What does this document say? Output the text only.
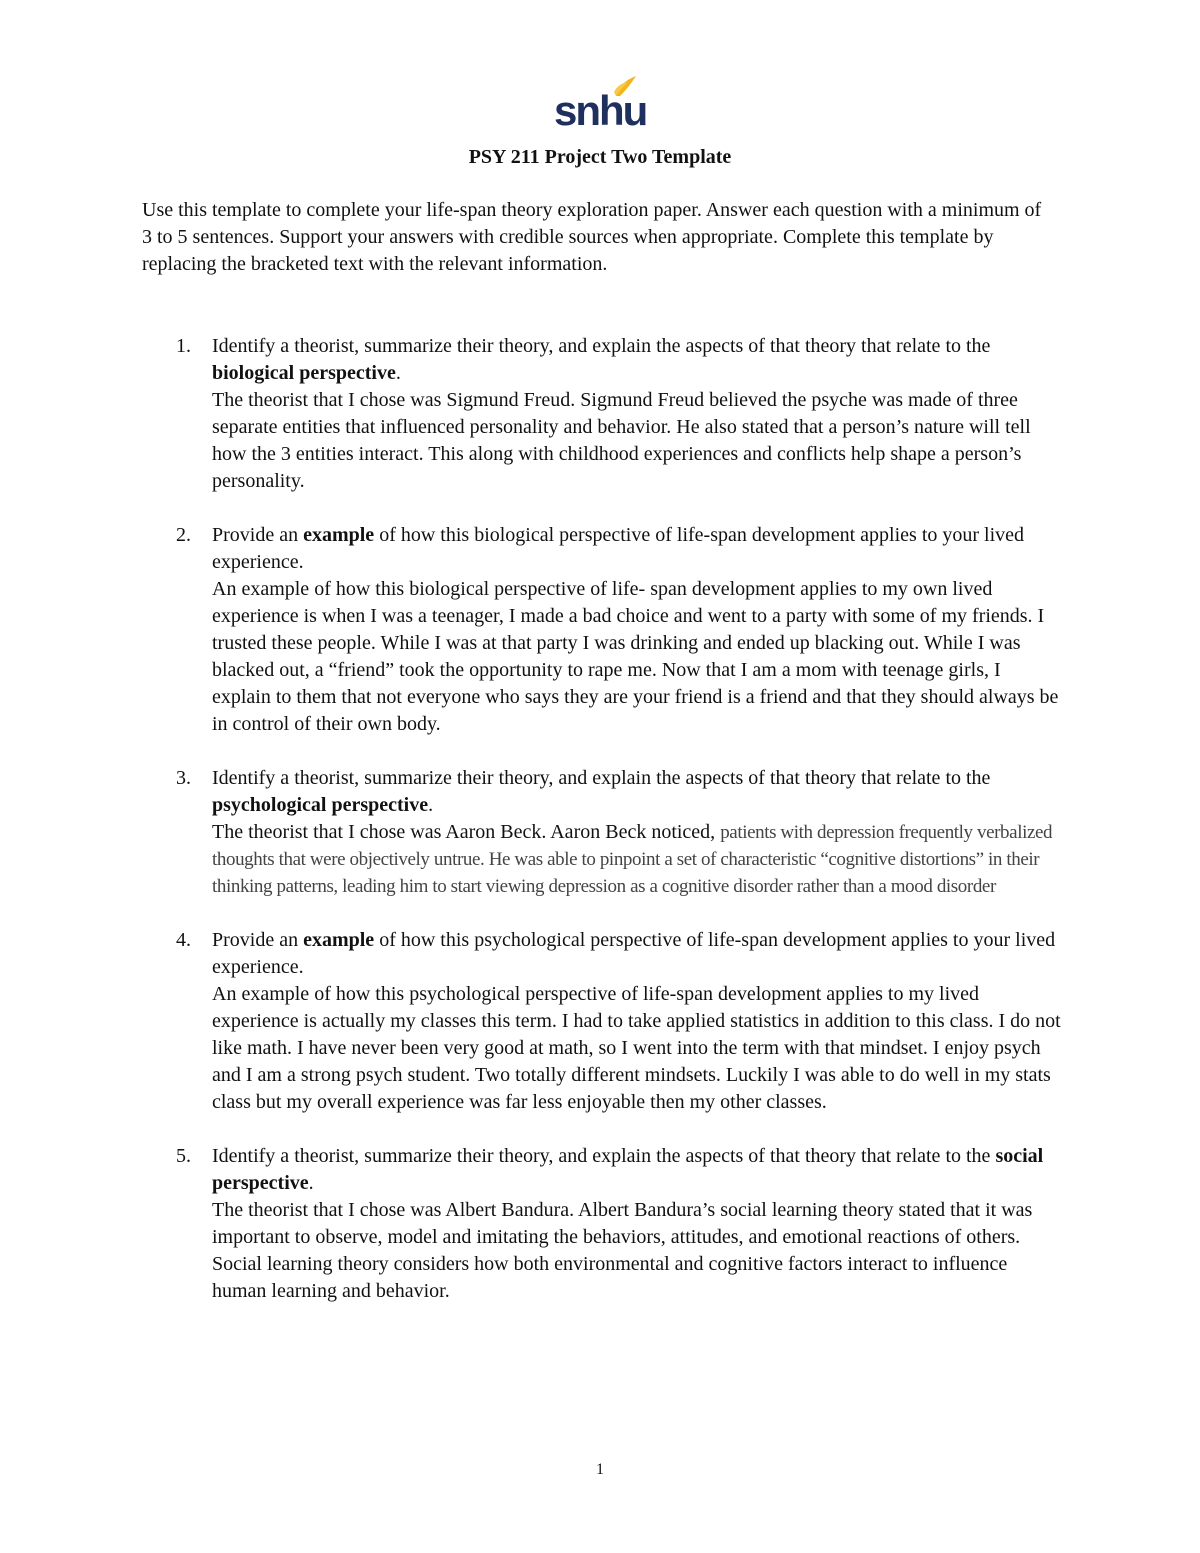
snhu
PSY 211 Project Two Template
Use this template to complete your life-span theory exploration paper. Answer each question with a minimum of 3 to 5 sentences. Support your answers with credible sources when appropriate. Complete this template by replacing the bracketed text with the relevant information.
1. Identify a theorist, summarize their theory, and explain the aspects of that theory that relate to the biological perspective.
The theorist that I chose was Sigmund Freud. Sigmund Freud believed the psyche was made of three separate entities that influenced personality and behavior. He also stated that a person’s nature will tell how the 3 entities interact. This along with childhood experiences and conflicts help shape a person’s personality.
2. Provide an example of how this biological perspective of life-span development applies to your lived experience.
An example of how this biological perspective of life- span development applies to my own lived experience is when I was a teenager, I made a bad choice and went to a party with some of my friends. I trusted these people. While I was at that party I was drinking and ended up blacking out. While I was blacked out, a “friend” took the opportunity to rape me. Now that I am a mom with teenage girls, I explain to them that not everyone who says they are your friend is a friend and that they should always be in control of their own body.
3. Identify a theorist, summarize their theory, and explain the aspects of that theory that relate to the psychological perspective.
The theorist that I chose was Aaron Beck. Aaron Beck noticed, patients with depression frequently verbalized thoughts that were objectively untrue. He was able to pinpoint a set of characteristic “cognitive distortions” in their thinking patterns, leading him to start viewing depression as a cognitive disorder rather than a mood disorder
4. Provide an example of how this psychological perspective of life-span development applies to your lived experience.
An example of how this psychological perspective of life-span development applies to my lived experience is actually my classes this term. I had to take applied statistics in addition to this class. I do not like math. I have never been very good at math, so I went into the term with that mindset. I enjoy psych and I am a strong psych student. Two totally different mindsets. Luckily I was able to do well in my stats class but my overall experience was far less enjoyable then my other classes.
5. Identify a theorist, summarize their theory, and explain the aspects of that theory that relate to the social perspective.
The theorist that I chose was Albert Bandura. Albert Bandura’s social learning theory stated that it was important to observe, model and imitating the behaviors, attitudes, and emotional reactions of others. Social learning theory considers how both environmental and cognitive factors interact to influence human learning and behavior.
1
